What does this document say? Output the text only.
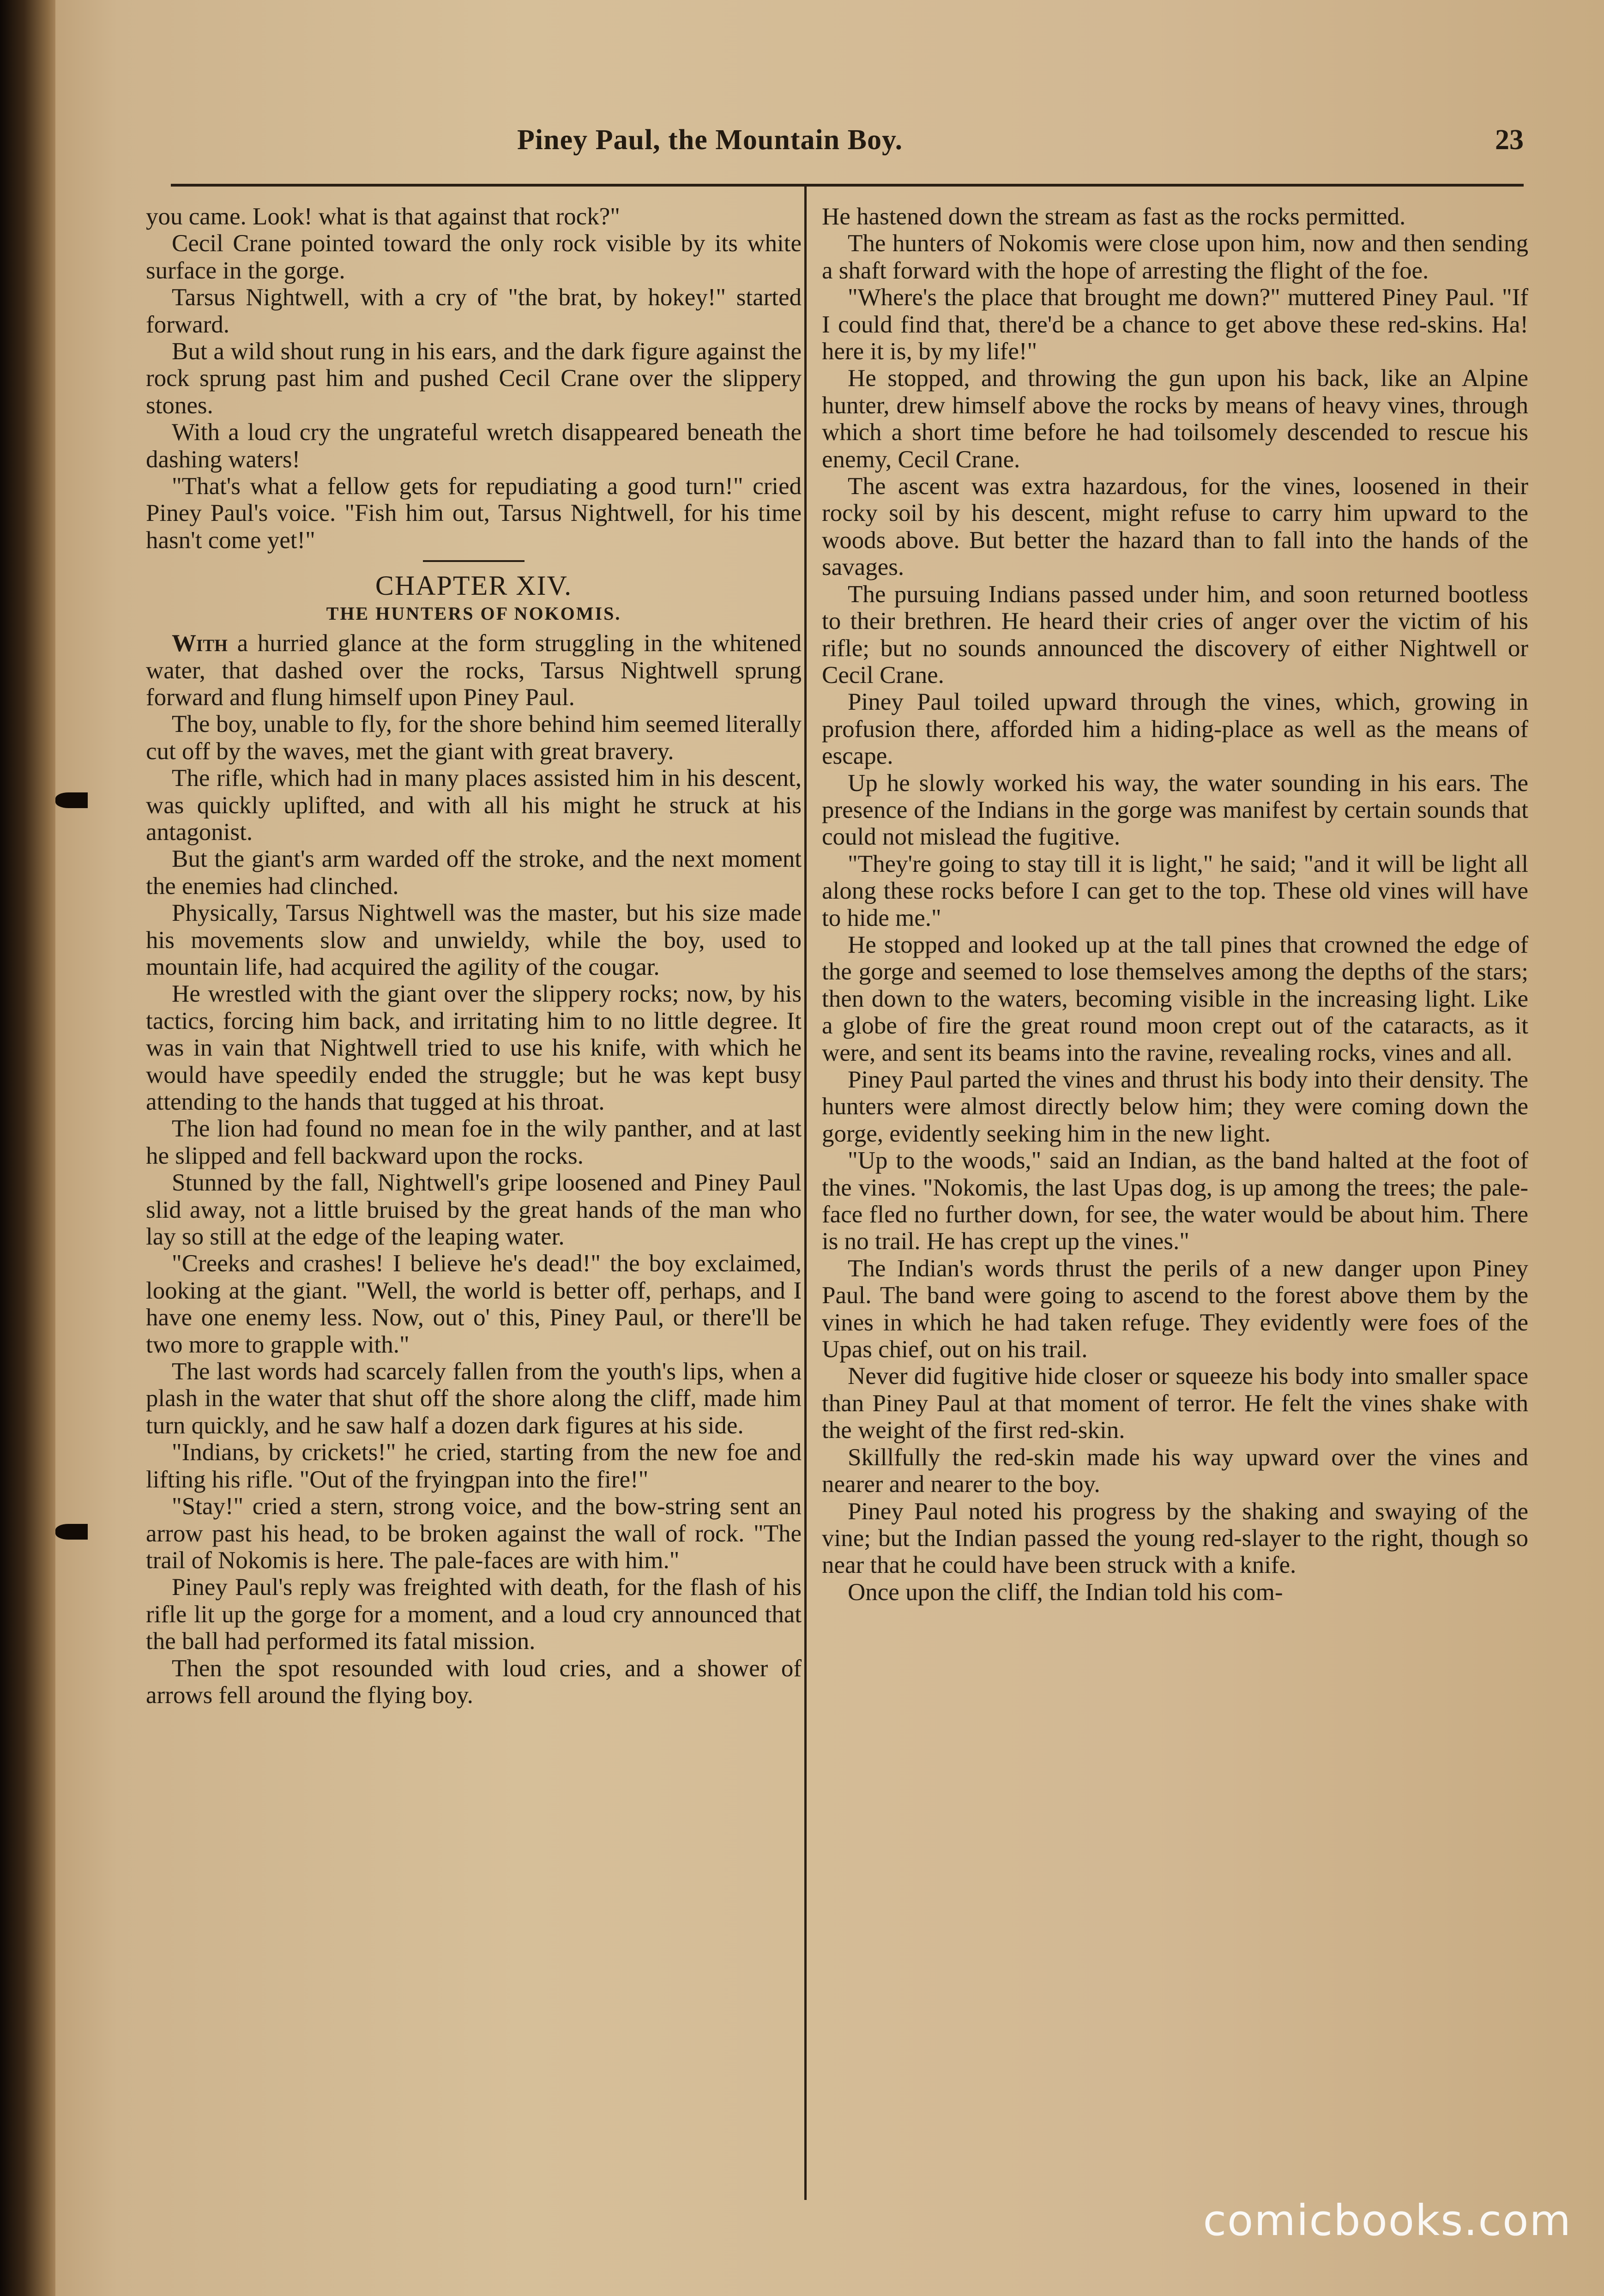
Piney Paul, the Mountain Boy.	23

you came. Look! what is that against that rock?"

Cecil Crane pointed toward the only rock visible by its white surface in the gorge.

Tarsus Nightwell, with a cry of "the brat, by hokey!" started forward.

But a wild shout rung in his ears, and the dark figure against the rock sprung past him and pushed Cecil Crane over the slippery stones.

With a loud cry the ungrateful wretch disappeared beneath the dashing waters!

"That's what a fellow gets for repudiating a good turn!" cried Piney Paul's voice. "Fish him out, Tarsus Nightwell, for his time hasn't come yet!"

CHAPTER XIV.
THE HUNTERS OF NOKOMIS.

With a hurried glance at the form struggling in the whitened water, that dashed over the rocks, Tarsus Nightwell sprung forward and flung himself upon Piney Paul.

The boy, unable to fly, for the shore behind him seemed literally cut off by the waves, met the giant with great bravery.

The rifle, which had in many places assisted him in his descent, was quickly uplifted, and with all his might he struck at his antagonist.

But the giant's arm warded off the stroke, and the next moment the enemies had clinched.

Physically, Tarsus Nightwell was the master, but his size made his movements slow and unwieldy, while the boy, used to mountain life, had acquired the agility of the cougar.

He wrestled with the giant over the slippery rocks; now, by his tactics, forcing him back, and irritating him to no little degree. It was in vain that Nightwell tried to use his knife, with which he would have speedily ended the struggle; but he was kept busy attending to the hands that tugged at his throat.

The lion had found no mean foe in the wily panther, and at last he slipped and fell backward upon the rocks.

Stunned by the fall, Nightwell's gripe loosened and Piney Paul slid away, not a little bruised by the great hands of the man who lay so still at the edge of the leaping water.

"Creeks and crashes! I believe he's dead!" the boy exclaimed, looking at the giant. "Well, the world is better off, perhaps, and I have one enemy less. Now, out o' this, Piney Paul, or there'll be two more to grapple with."

The last words had scarcely fallen from the youth's lips, when a plash in the water that shut off the shore along the cliff, made him turn quickly, and he saw half a dozen dark figures at his side.

"Indians, by crickets!" he cried, starting from the new foe and lifting his rifle. "Out of the fryingpan into the fire!"

"Stay!" cried a stern, strong voice, and the bow-string sent an arrow past his head, to be broken against the wall of rock. "The trail of Nokomis is here. The pale-faces are with him."

Piney Paul's reply was freighted with death, for the flash of his rifle lit up the gorge for a moment, and a loud cry announced that the ball had performed its fatal mission.

Then the spot resounded with loud cries, and a shower of arrows fell around the flying boy.

He hastened down the stream as fast as the rocks permitted.

The hunters of Nokomis were close upon him, now and then sending a shaft forward with the hope of arresting the flight of the foe.

"Where's the place that brought me down?" muttered Piney Paul. "If I could find that, there'd be a chance to get above these red-skins. Ha! here it is, by my life!"

He stopped, and throwing the gun upon his back, like an Alpine hunter, drew himself above the rocks by means of heavy vines, through which a short time before he had toilsomely descended to rescue his enemy, Cecil Crane.

The ascent was extra hazardous, for the vines, loosened in their rocky soil by his descent, might refuse to carry him upward to the woods above. But better the hazard than to fall into the hands of the savages.

The pursuing Indians passed under him, and soon returned bootless to their brethren. He heard their cries of anger over the victim of his rifle; but no sounds announced the discovery of either Nightwell or Cecil Crane.

Piney Paul toiled upward through the vines, which, growing in profusion there, afforded him a hiding-place as well as the means of escape.

Up he slowly worked his way, the water sounding in his ears. The presence of the Indians in the gorge was manifest by certain sounds that could not mislead the fugitive.

"They're going to stay till it is light," he said; "and it will be light all along these rocks before I can get to the top. These old vines will have to hide me."

He stopped and looked up at the tall pines that crowned the edge of the gorge and seemed to lose themselves among the depths of the stars; then down to the waters, becoming visible in the increasing light. Like a globe of fire the great round moon crept out of the cataracts, as it were, and sent its beams into the ravine, revealing rocks, vines and all.

Piney Paul parted the vines and thrust his body into their density. The hunters were almost directly below him; they were coming down the gorge, evidently seeking him in the new light.

"Up to the woods," said an Indian, as the band halted at the foot of the vines. "Nokomis, the last Upas dog, is up among the trees; the pale-face fled no further down, for see, the water would be about him. There is no trail. He has crept up the vines."

The Indian's words thrust the perils of a new danger upon Piney Paul. The band were going to ascend to the forest above them by the vines in which he had taken refuge. They evidently were foes of the Upas chief, out on his trail.

Never did fugitive hide closer or squeeze his body into smaller space than Piney Paul at that moment of terror. He felt the vines shake with the weight of the first red-skin.

Skillfully the red-skin made his way upward over the vines and nearer and nearer to the boy.

Piney Paul noted his progress by the shaking and swaying of the vine; but the Indian passed the young red-slayer to the right, though so near that he could have been struck with a knife.

Once upon the cliff, the Indian told his com-

comicbooks.com
